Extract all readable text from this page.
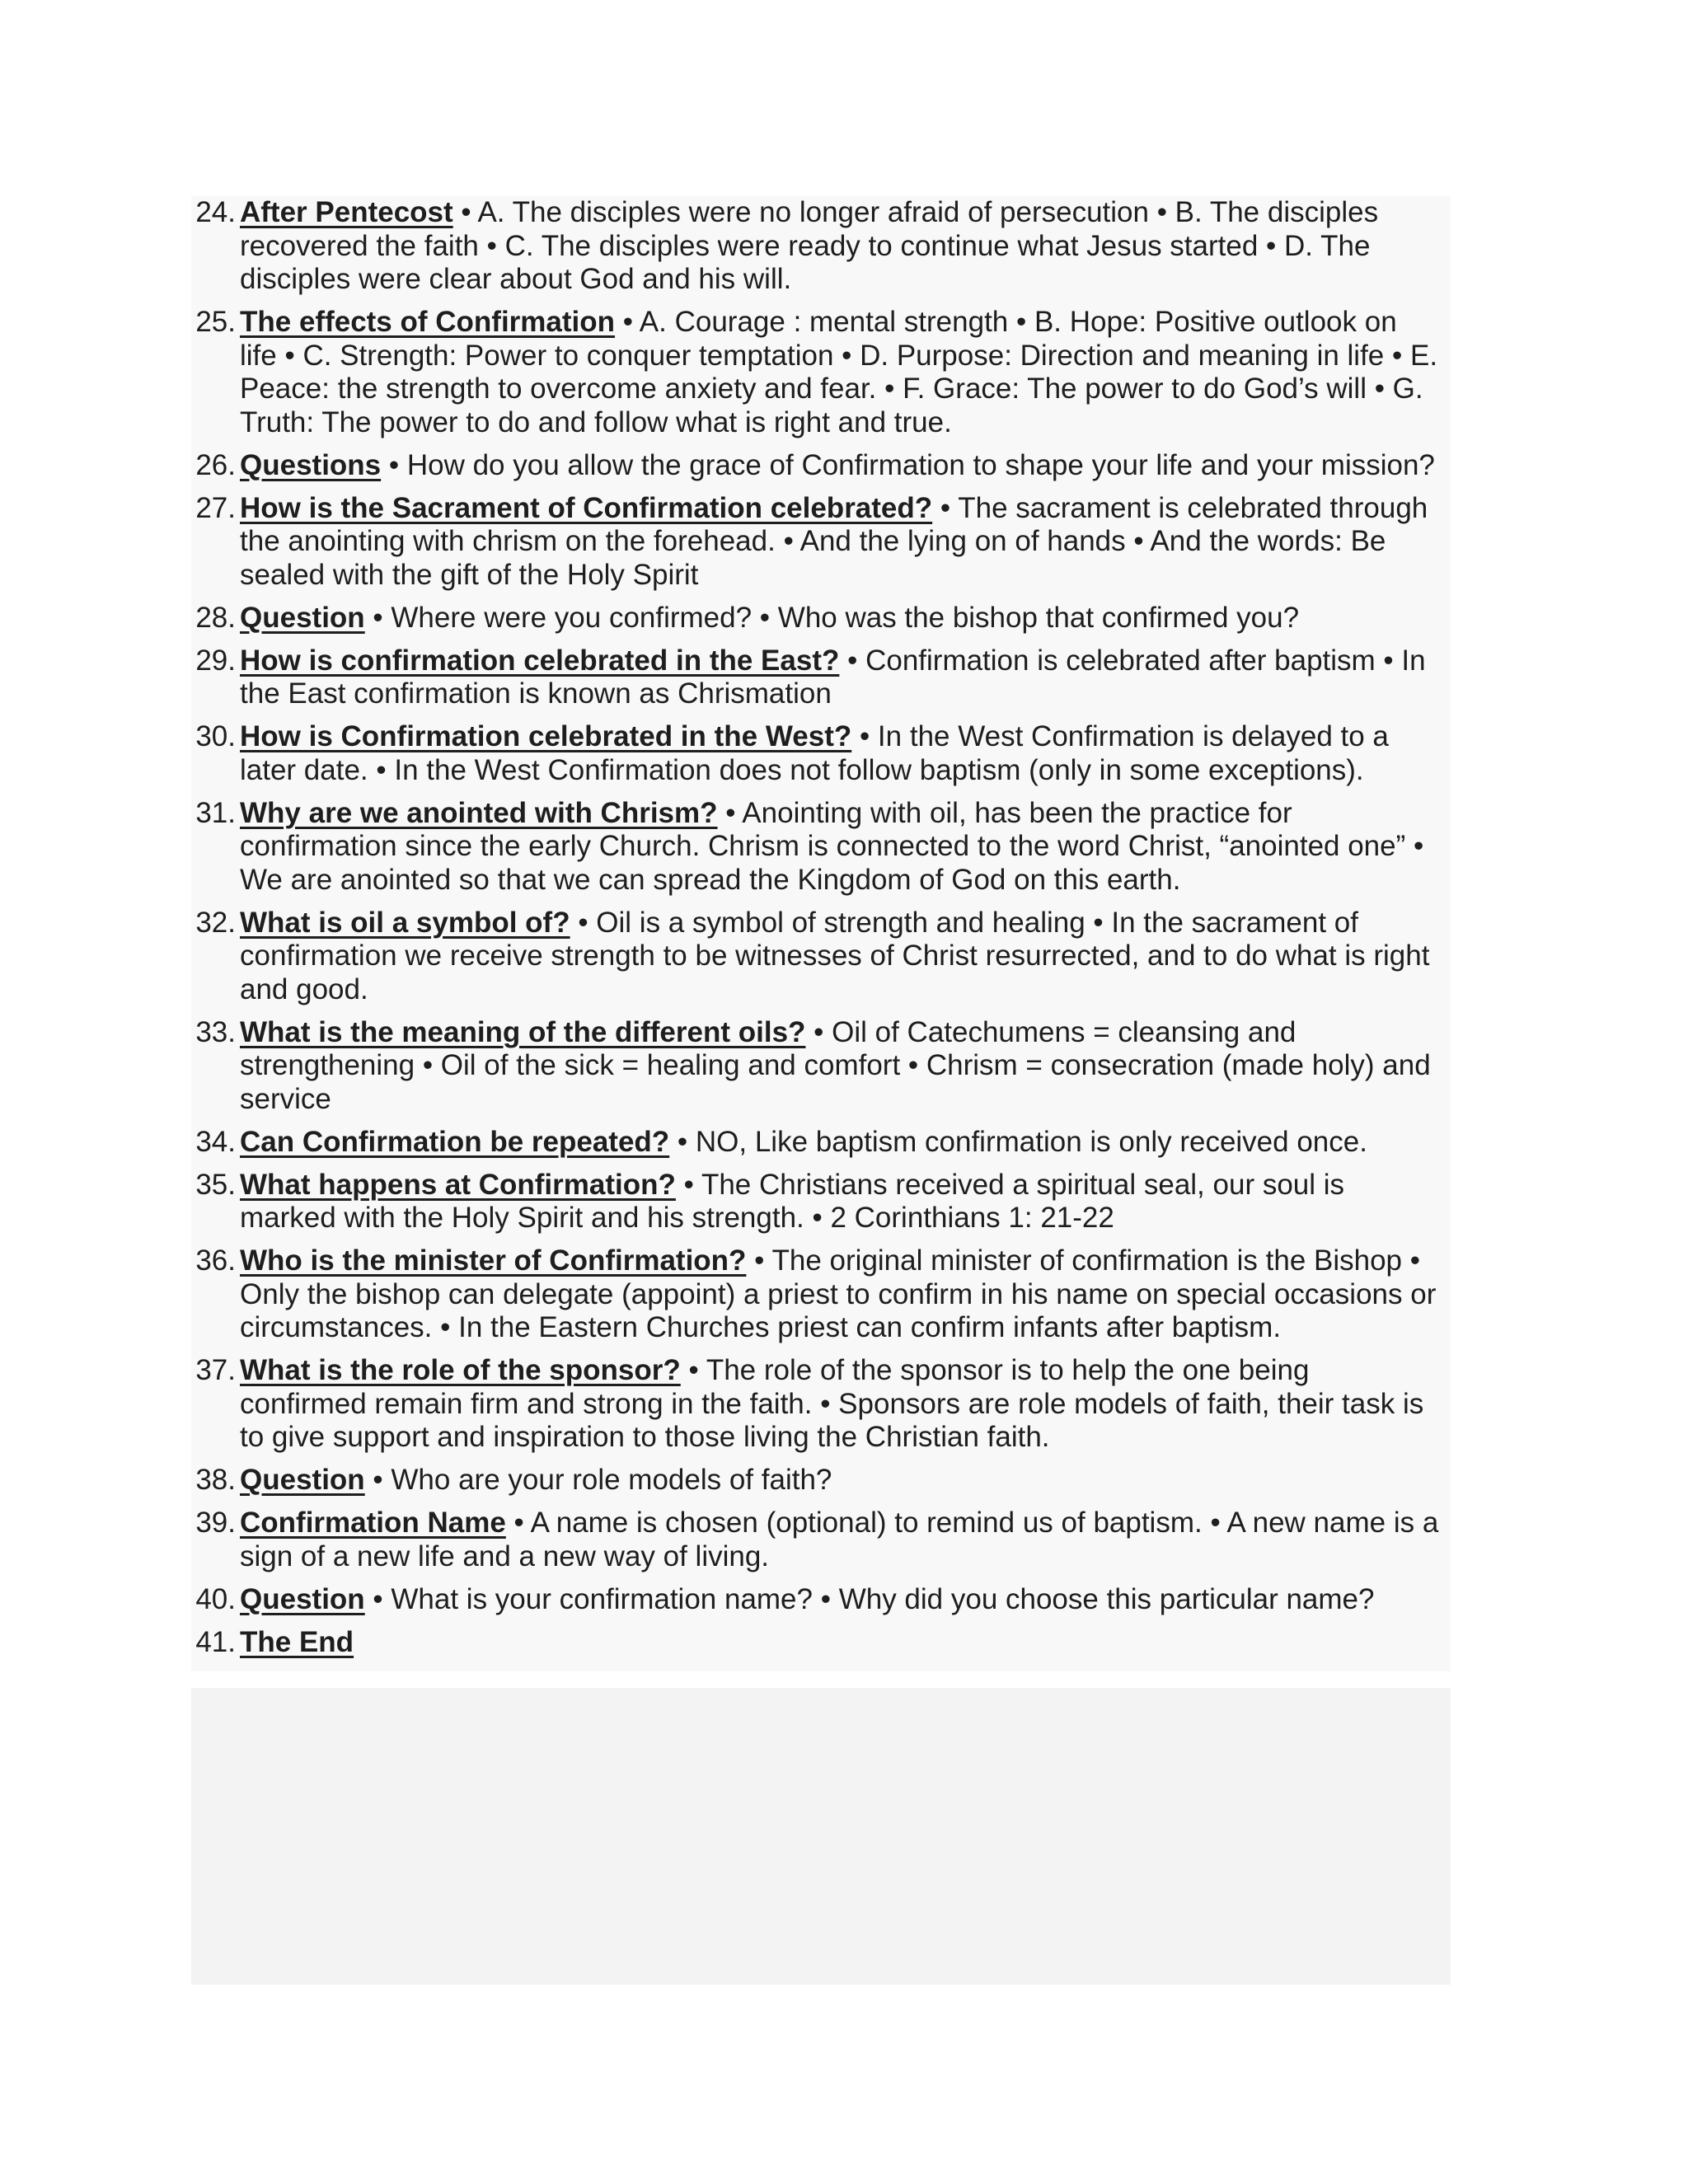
24. After Pentecost • A. The disciples were no longer afraid of persecution • B. The disciples recovered the faith • C. The disciples were ready to continue what Jesus started • D. The disciples were clear about God and his will.
25. The effects of Confirmation • A. Courage : mental strength • B. Hope: Positive outlook on life • C. Strength: Power to conquer temptation • D. Purpose: Direction and meaning in life • E. Peace: the strength to overcome anxiety and fear. • F. Grace: The power to do God’s will • G. Truth: The power to do and follow what is right and true.
26. Questions • How do you allow the grace of Confirmation to shape your life and your mission?
27. How is the Sacrament of Confirmation celebrated? • The sacrament is celebrated through the anointing with chrism on the forehead. • And the lying on of hands • And the words: Be sealed with the gift of the Holy Spirit
28. Question • Where were you confirmed? • Who was the bishop that confirmed you?
29. How is confirmation celebrated in the East? • Confirmation is celebrated after baptism • In the East confirmation is known as Chrismation
30. How is Confirmation celebrated in the West? • In the West Confirmation is delayed to a later date. • In the West Confirmation does not follow baptism (only in some exceptions).
31. Why are we anointed with Chrism? • Anointing with oil, has been the practice for confirmation since the early Church. Chrism is connected to the word Christ, “anointed one” • We are anointed so that we can spread the Kingdom of God on this earth.
32. What is oil a symbol of? • Oil is a symbol of strength and healing • In the sacrament of confirmation we receive strength to be witnesses of Christ resurrected, and to do what is right and good.
33. What is the meaning of the different oils? • Oil of Catechumens = cleansing and strengthening • Oil of the sick = healing and comfort • Chrism = consecration (made holy) and service
34. Can Confirmation be repeated? • NO, Like baptism confirmation is only received once.
35. What happens at Confirmation? • The Christians received a spiritual seal, our soul is marked with the Holy Spirit and his strength. • 2 Corinthians 1: 21-22
36. Who is the minister of Confirmation? • The original minister of confirmation is the Bishop • Only the bishop can delegate (appoint) a priest to confirm in his name on special occasions or circumstances. • In the Eastern Churches priest can confirm infants after baptism.
37. What is the role of the sponsor? • The role of the sponsor is to help the one being confirmed remain firm and strong in the faith. • Sponsors are role models of faith, their task is to give support and inspiration to those living the Christian faith.
38. Question • Who are your role models of faith?
39. Confirmation Name • A name is chosen (optional) to remind us of baptism. • A new name is a sign of a new life and a new way of living.
40. Question • What is your confirmation name? • Why did you choose this particular name?
41. The End
